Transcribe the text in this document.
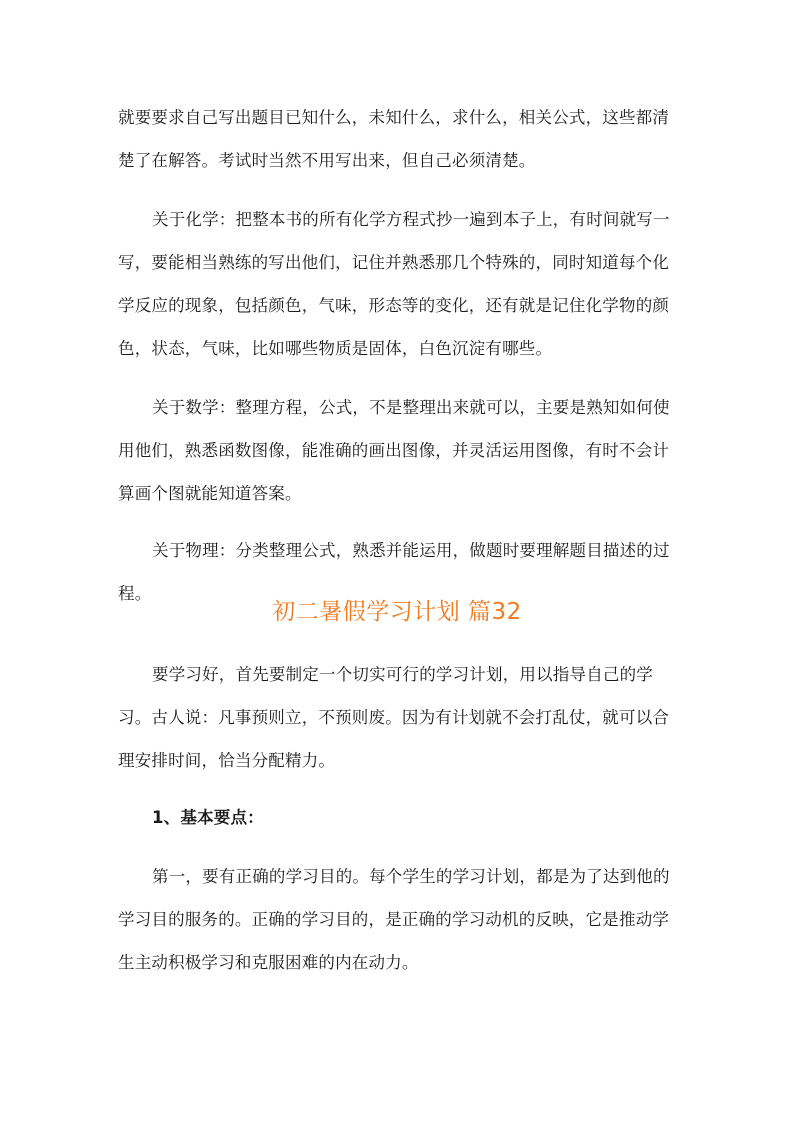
就要要求自己写出题目已知什么，未知什么，求什么，相关公式，这些都清楚了在解答。考试时当然不用写出来，但自己必须清楚。

关于化学：把整本书的所有化学方程式抄一遍到本子上，有时间就写一写，要能相当熟练的写出他们，记住并熟悉那几个特殊的，同时知道每个化学反应的现象，包括颜色，气味，形态等的变化，还有就是记住化学物的颜色，状态，气味，比如哪些物质是固体，白色沉淀有哪些。

关于数学：整理方程，公式，不是整理出来就可以，主要是熟知如何使用他们，熟悉函数图像，能准确的画出图像，并灵活运用图像，有时不会计算画个图就能知道答案。

关于物理：分类整理公式，熟悉并能运用，做题时要理解题目描述的过程。

初二暑假学习计划 篇32

要学习好，首先要制定一个切实可行的学习计划，用以指导自己的学习。古人说：凡事预则立，不预则废。因为有计划就不会打乱仗，就可以合理安排时间，恰当分配精力。

1、基本要点：

第一，要有正确的学习目的。每个学生的学习计划，都是为了达到他的学习目的服务的。正确的学习目的，是正确的学习动机的反映，它是推动学生主动积极学习和克服困难的内在动力。
